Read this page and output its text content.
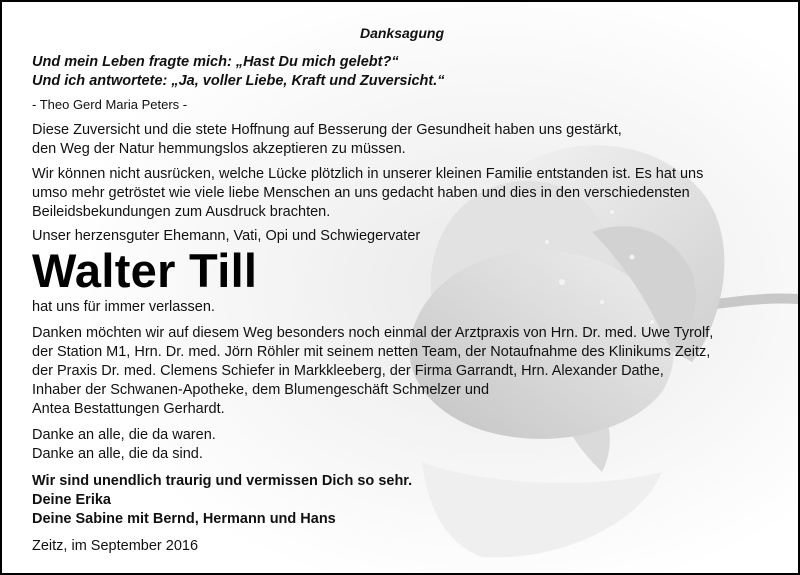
Danksagung
Und mein Leben fragte mich: „Hast Du mich gelebt?“
Und ich antwortete: „Ja, voller Liebe, Kraft und Zuversicht.“
- Theo Gerd Maria Peters -
Diese Zuversicht und die stete Hoffnung auf Besserung der Gesundheit haben uns gestärkt,
den Weg der Natur hemmungslos akzeptieren zu müssen.
Wir können nicht ausrücken, welche Lücke plötzlich in unserer kleinen Familie entstanden ist. Es hat uns
umso mehr getröstet wie viele liebe Menschen an uns gedacht haben und dies in den verschiedensten
Beileidsbekundungen zum Ausdruck brachten.
Unser herzensguter Ehemann, Vati, Opi und Schwiegervater
Walter Till
hat uns für immer verlassen.
Danken möchten wir auf diesem Weg besonders noch einmal der Arztpraxis von Hrn. Dr. med. Uwe Tyrolf,
der Station M1, Hrn. Dr. med. Jörn Röhler mit seinem netten Team, der Notaufnahme des Klinikums Zeitz,
der Praxis Dr. med. Clemens Schiefer in Markkleeberg, der Firma Garrandt, Hrn. Alexander Dathe,
Inhaber der Schwanen-Apotheke, dem Blumengeschäft Schmelzer und
Antea Bestattungen Gerhardt.
Danke an alle, die da waren.
Danke an alle, die da sind.
Wir sind unendlich traurig und vermissen Dich so sehr.
Deine Erika
Deine Sabine mit Bernd, Hermann und Hans
Zeitz, im September 2016
